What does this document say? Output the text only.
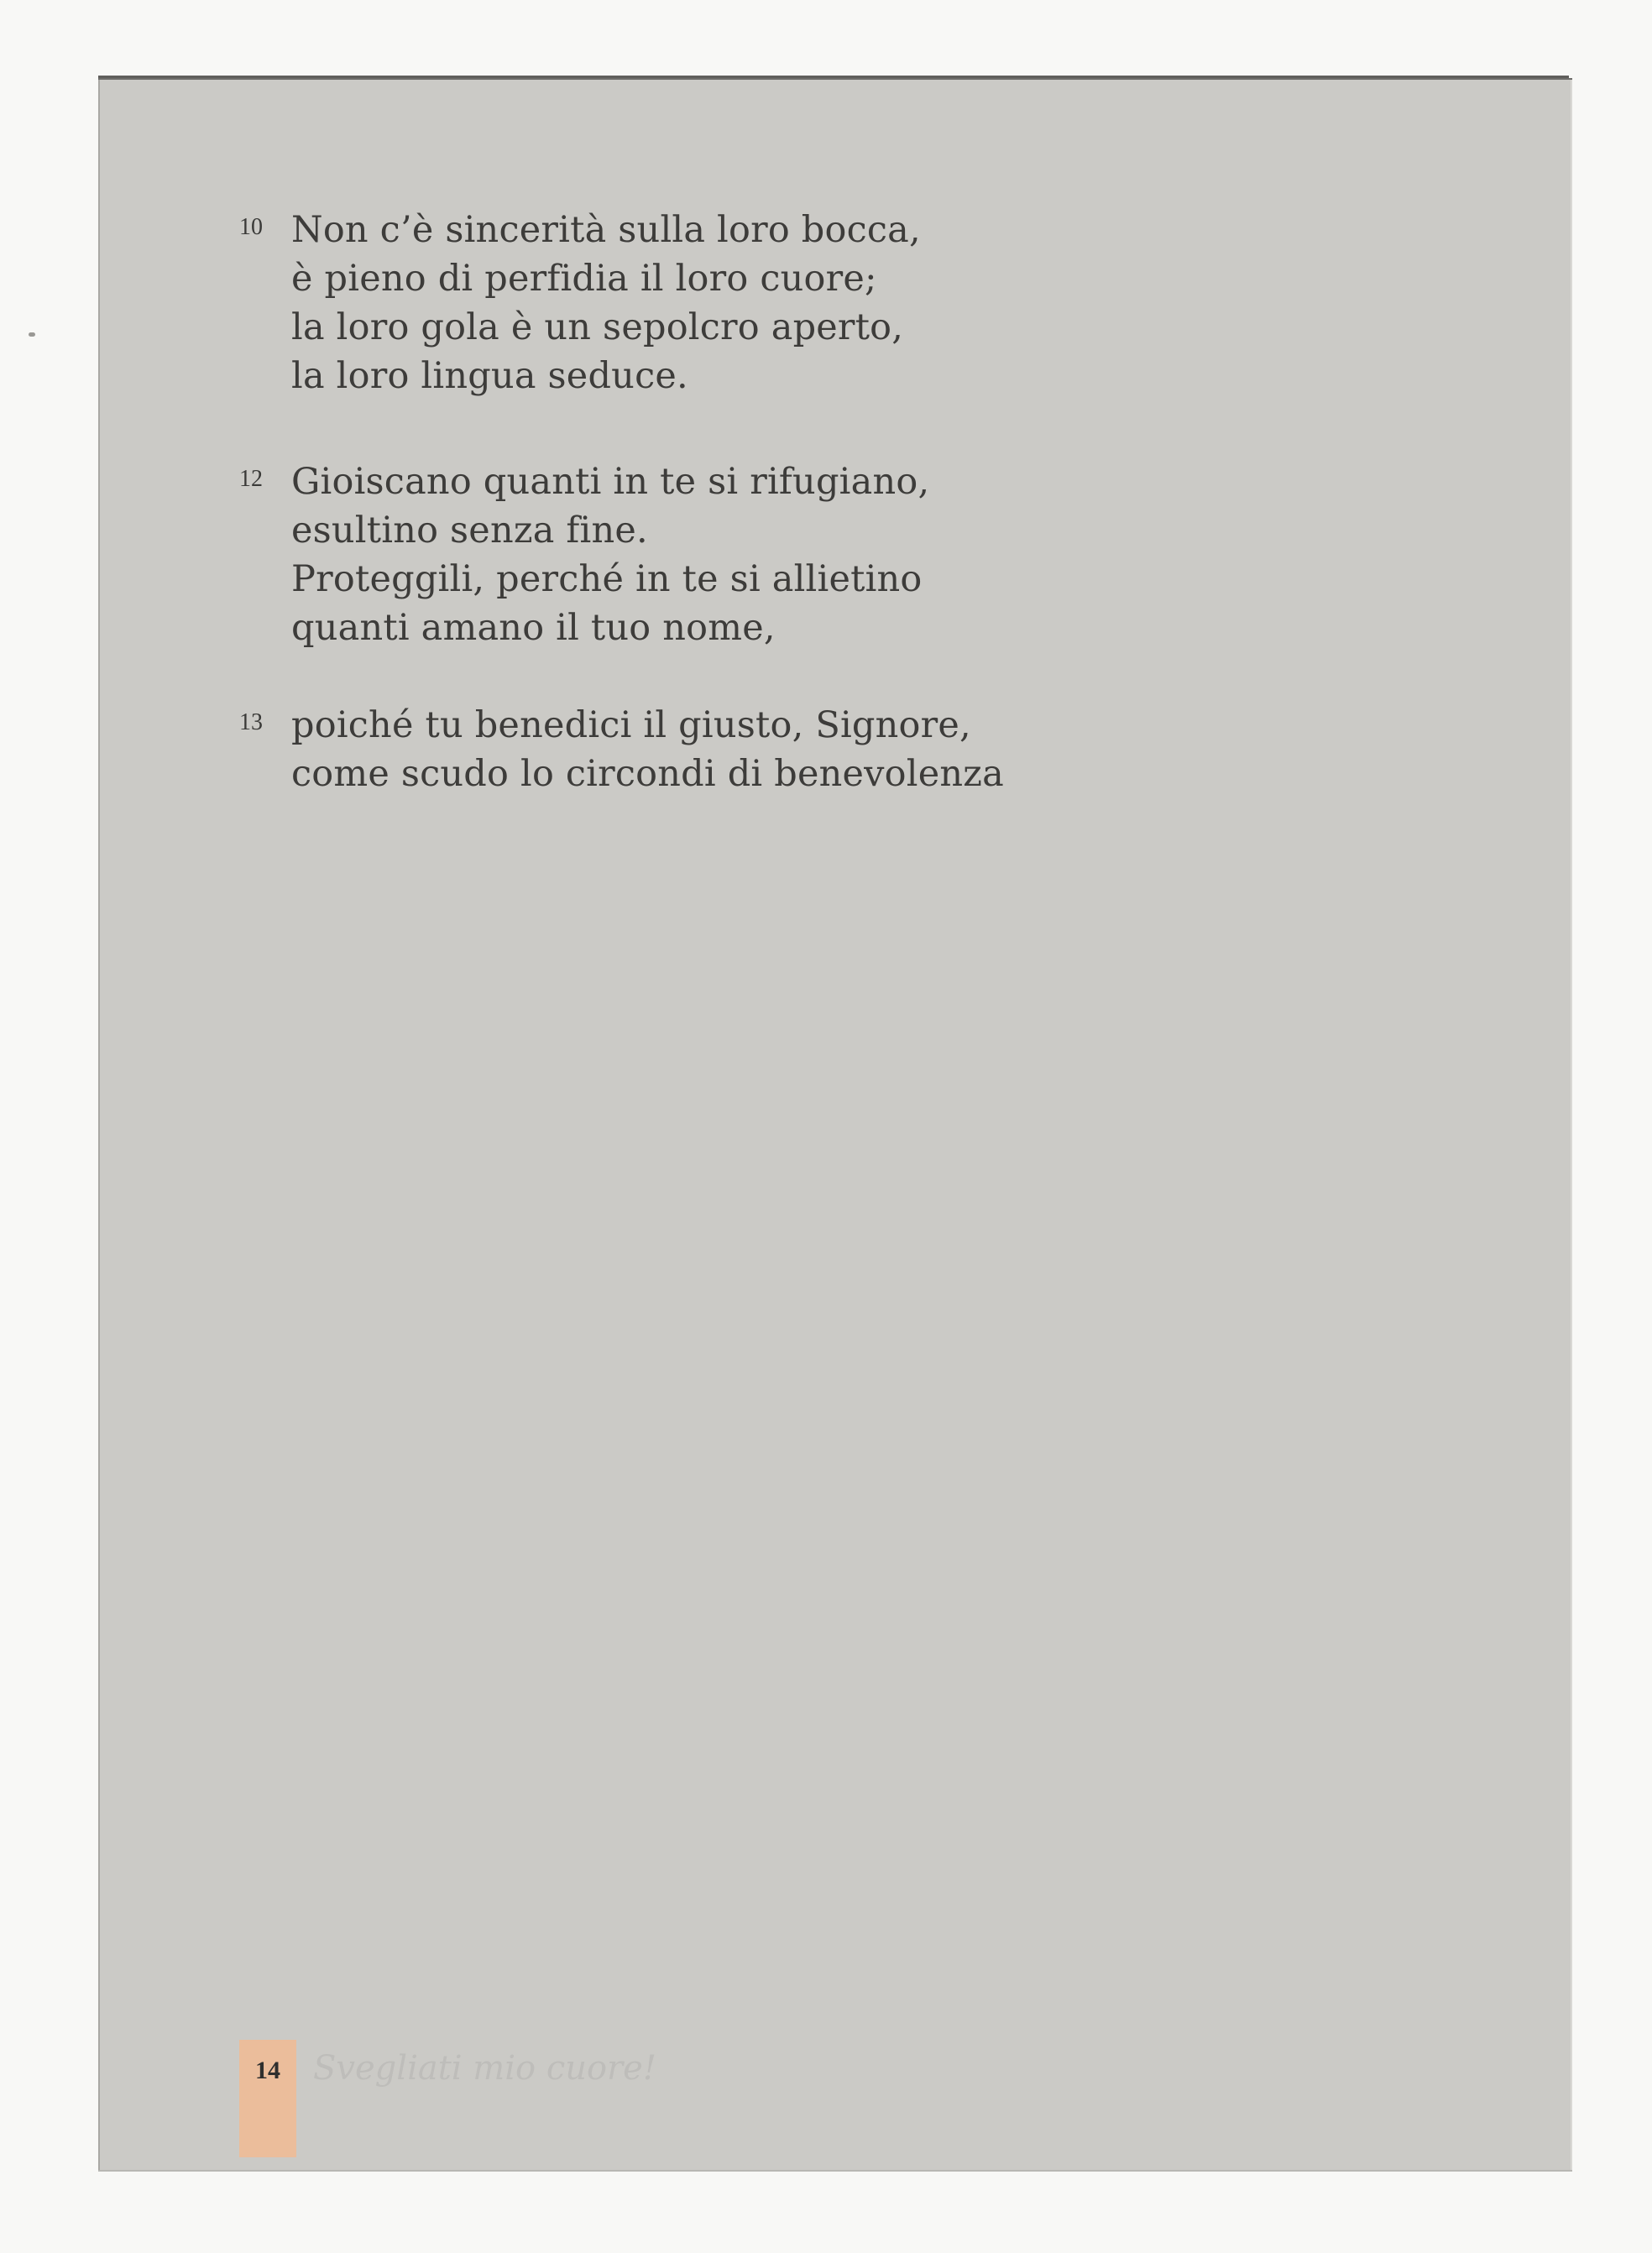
10 Non c’è sincerità sulla loro bocca,
è pieno di perfidia il loro cuore;
la loro gola è un sepolcro aperto,
la loro lingua seduce.
12 Gioiscano quanti in te si rifugiano,
esultino senza fine.
Proteggili, perché in te si allietino
quanti amano il tuo nome,
13 poiché tu benedici il giusto, Signore,
come scudo lo circondi di benevolenza
14 Svegliati mio cuore!
